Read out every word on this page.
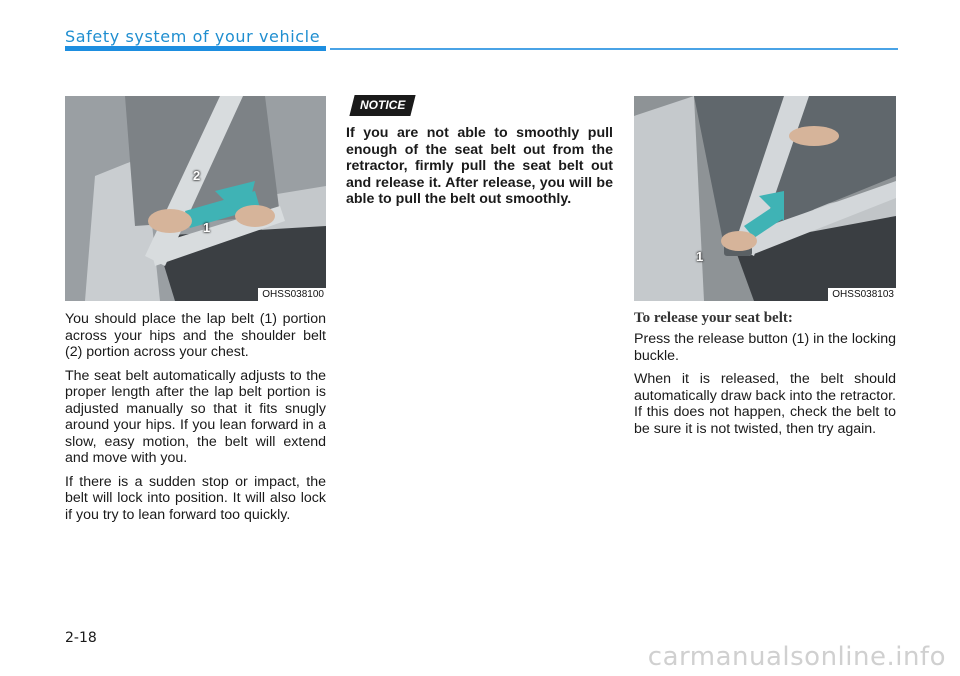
Safety system of your vehicle
1
2
OHSS038100

You should place the lap belt (1) portion across your hips and the shoulder belt (2) portion across your chest.

The seat belt automatically adjusts to the proper length after the lap belt portion is adjusted manually so that it fits snugly around your hips. If you lean forward in a slow, easy motion, the belt will extend and move with you.

If there is a sudden stop or impact, the belt will lock into position. It will also lock if you try to lean forward too quickly.

NOTICE
If you are not able to smoothly pull enough of the seat belt out from the retractor, firmly pull the seat belt out and release it. After release, you will be able to pull the belt out smoothly.
1
OHSS038103
To release your seat belt:

Press the release button (1) in the locking buckle.

When it is released, the belt should automatically draw back into the retractor. If this does not happen, check the belt to be sure it is not twisted, then try again.

2-18
carmanualsonline.info
